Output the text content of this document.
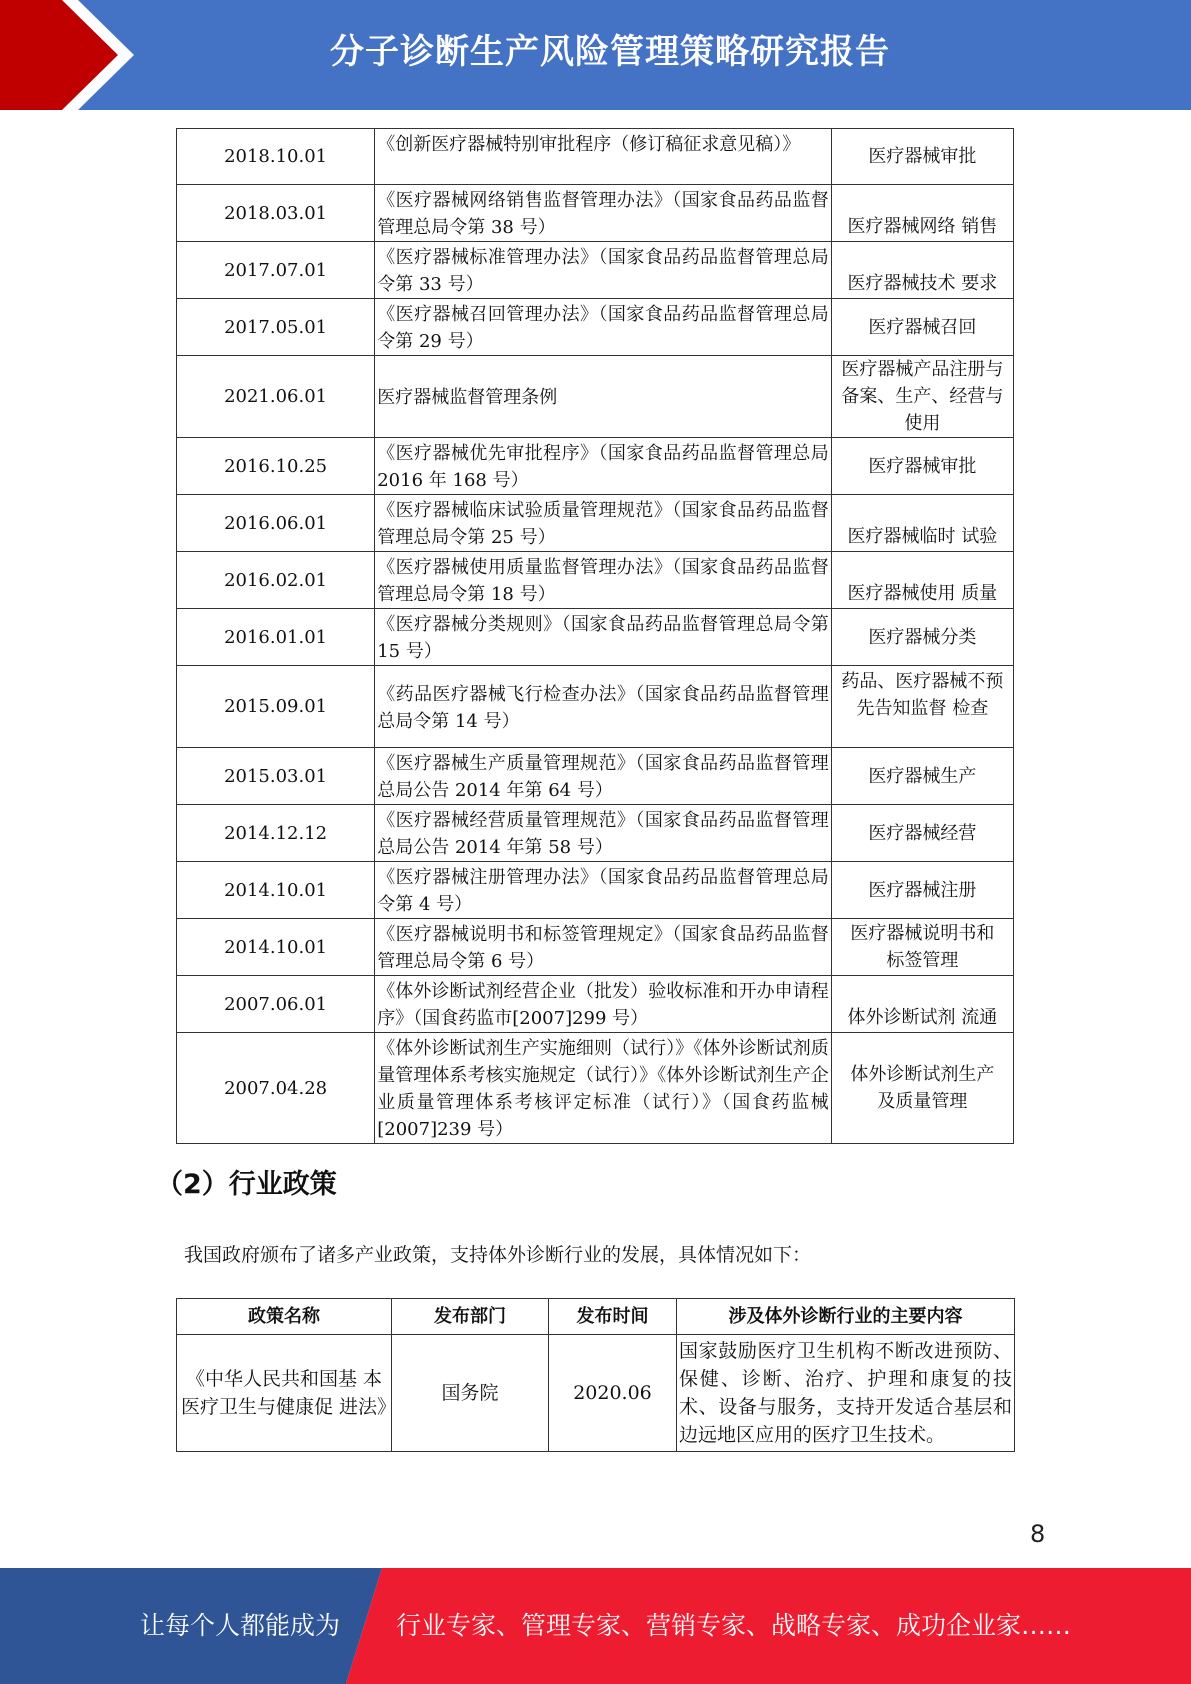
分子诊断生产风险管理策略研究报告
2018.10.01	《创新医疗器械特别审批程序（修订稿征求意见稿）》	医疗器械审批
2018.03.01	《医疗器械网络销售监督管理办法》（国家食品药品监督管理总局令第 38 号）	医疗器械网络 销售
2017.07.01	《医疗器械标准管理办法》（国家食品药品监督管理总局令第 33 号）	医疗器械技术 要求
2017.05.01	《医疗器械召回管理办法》（国家食品药品监督管理总局令第 29 号）	医疗器械召回
2021.06.01	医疗器械监督管理条例	医疗器械产品注册与备案、生产、经营与使用
2016.10.25	《医疗器械优先审批程序》（国家食品药品监督管理总局 2016 年 168 号）	医疗器械审批
2016.06.01	《医疗器械临床试验质量管理规范》（国家食品药品监督管理总局令第 25 号）	医疗器械临时 试验
2016.02.01	《医疗器械使用质量监督管理办法》（国家食品药品监督管理总局令第 18 号）	医疗器械使用 质量
2016.01.01	《医疗器械分类规则》（国家食品药品监督管理总局令第 15 号）	医疗器械分类
2015.09.01	《药品医疗器械飞行检查办法》（国家食品药品监督管理总局令第 14 号）	药品、医疗器械不预先告知监督 检查
2015.03.01	《医疗器械生产质量管理规范》（国家食品药品监督管理总局公告 2014 年第 64 号）	医疗器械生产
2014.12.12	《医疗器械经营质量管理规范》（国家食品药品监督管理总局公告 2014 年第 58 号）	医疗器械经营
2014.10.01	《医疗器械注册管理办法》（国家食品药品监督管理总局令第 4 号）	医疗器械注册
2014.10.01	《医疗器械说明书和标签管理规定》（国家食品药品监督管理总局令第 6 号）	医疗器械说明书和标签管理
2007.06.01	《体外诊断试剂经营企业（批发）验收标准和开办申请程序》（国食药监市[2007]299 号）	体外诊断试剂 流通
2007.04.28	《体外诊断试剂生产实施细则（试行）》《体外诊断试剂质量管理体系考核实施规定（试行）》《体外诊断试剂生产企业质量管理体系考核评定标准（试行）》（国食药监械[2007]239 号）	体外诊断试剂生产及质量管理
（2）行业政策
我国政府颁布了诸多产业政策，支持体外诊断行业的发展，具体情况如下：
政策名称	发布部门	发布时间	涉及体外诊断行业的主要内容
《中华人民共和国基 本医疗卫生与健康促 进法》	国务院	2020.06	国家鼓励医疗卫生机构不断改进预防、保健、诊断、治疗、护理和康复的技术、设备与服务，支持开发适合基层和边远地区应用的医疗卫生技术。
8
让每个人都能成为 行业专家、管理专家、营销专家、战略专家、成功企业家……
